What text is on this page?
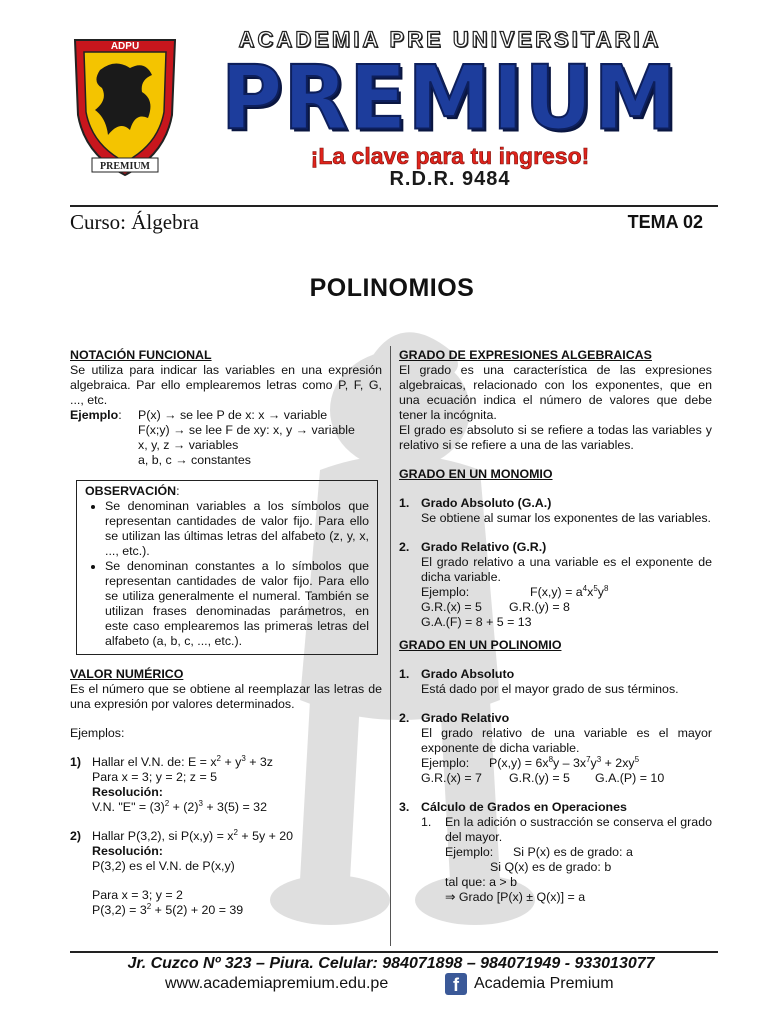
ADPU
PREMIUM
ACADEMIA PRE UNIVERSITARIA
PREMIUM
¡La clave para tu ingreso!
R.D.R. 9484
Curso: Álgebra	TEMA 02
POLINOMIOS
NOTACIÓN FUNCIONAL
Se utiliza para indicar las variables en una expresión algebraica. Par ello emplearemos letras como P, F, G, ..., etc.
Ejemplo:	P(x) → se lee P de x: x → variable
F(x;y) → se lee F de xy: x, y → variable
x, y, z → variables
a, b, c → constantes
OBSERVACIÓN:
• Se denominan variables a los símbolos que representan cantidades de valor fijo. Para ello se utilizan las últimas letras del alfabeto (z, y, x, ..., etc.).
• Se denominan constantes a lo símbolos que representan cantidades de valor fijo. Para ello se utiliza generalmente el numeral. También se utilizan frases denominadas parámetros, en este caso emplearemos las primeras letras del alfabeto (a, b, c, ..., etc.).
VALOR NUMÉRICO
Es el número que se obtiene al reemplazar las letras de una expresión por valores determinados.
Ejemplos:
1) Hallar el V.N. de: $E = x^2 + y^3 + 3z$
Para x = 3; y = 2; z = 5
Resolución:
V.N. "E" = $(3)^2 + (2)^3 + 3(5) = 32$
2) Hallar P(3,2), si $P(x,y) = x^2 + 5y + 20$
Resolución:
P(3,2) es el V.N. de P(x,y)
Para x = 3; y = 2
$P(3,2) = 3^2 + 5(2) + 20 = 39$
GRADO DE EXPRESIONES ALGEBRAICAS
El grado es una característica de las expresiones algebraicas, relacionado con los exponentes, que en una ecuación indica el número de valores que debe tener la incógnita.
El grado es absoluto si se refiere a todas las variables y relativo si se refiere a una de las variables.
GRADO EN UN MONOMIO
1. Grado Absoluto (G.A.)
Se obtiene al sumar los exponentes de las variables.
2. Grado Relativo (G.R.)
El grado relativo a una variable es el exponente de dicha variable.
Ejemplo:	$F(x,y) = a^4x^5y^8$
G.R.(x) = 5 G.R.(y) = 8
G.A.(F) = 8 + 5 = 13
GRADO EN UN POLINOMIO
1. Grado Absoluto
Está dado por el mayor grado de sus términos.
2. Grado Relativo
El grado relativo de una variable es el mayor exponente de dicha variable.
Ejemplo: $P(x,y) = 6x^8y - 3x^7y^3 + 2xy^5$
G.R.(x) = 7 G.R.(y) = 5 G.A.(P) = 10
3. Cálculo de Grados en Operaciones
1.	En la adición o sustracción se conserva el grado del mayor.
Ejemplo: Si P(x) es de grado: a
Si Q(x) es de grado: b
tal que: a > b
⇒ Grado [P(x) ± Q(x)] = a
Jr. Cuzco Nº 323 – Piura. Celular: 984071898 – 984071949 - 933013077
www.academiapremium.edu.pe	f Academia Premium
